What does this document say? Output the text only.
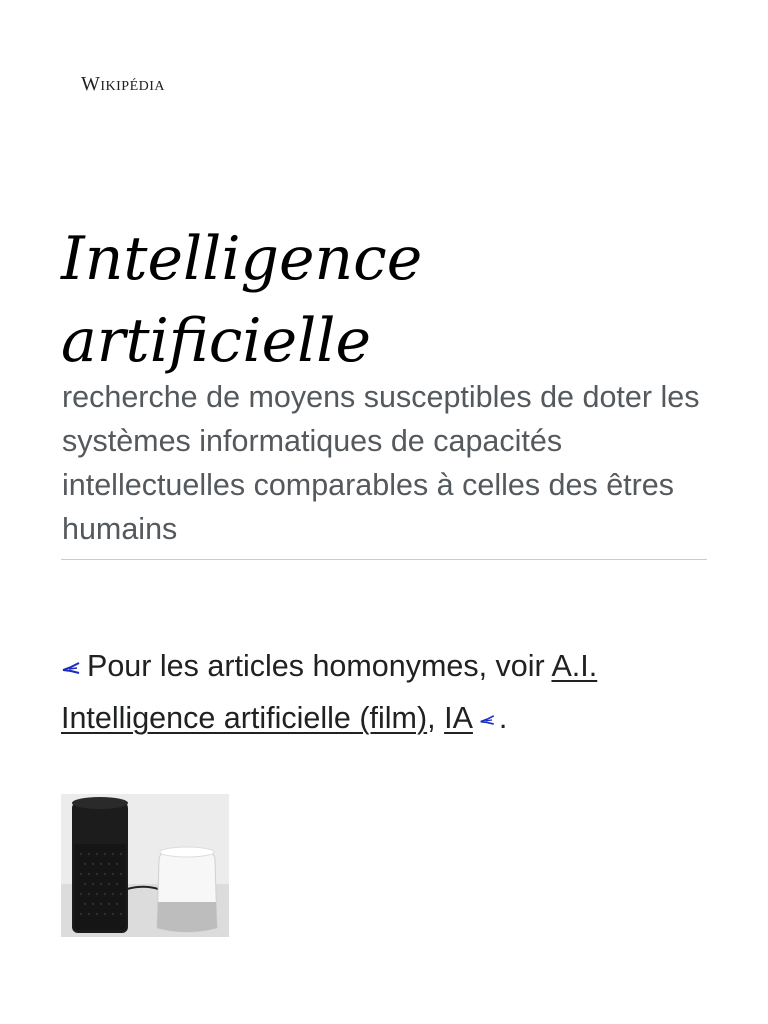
Wikipédia
Intelligence
artificielle
recherche de moyens susceptibles de doter les systèmes informatiques de capacités intellectuelles comparables à celles des êtres humains
Pour les articles homonymes, voir A.I. Intelligence artificielle (film), IA .
